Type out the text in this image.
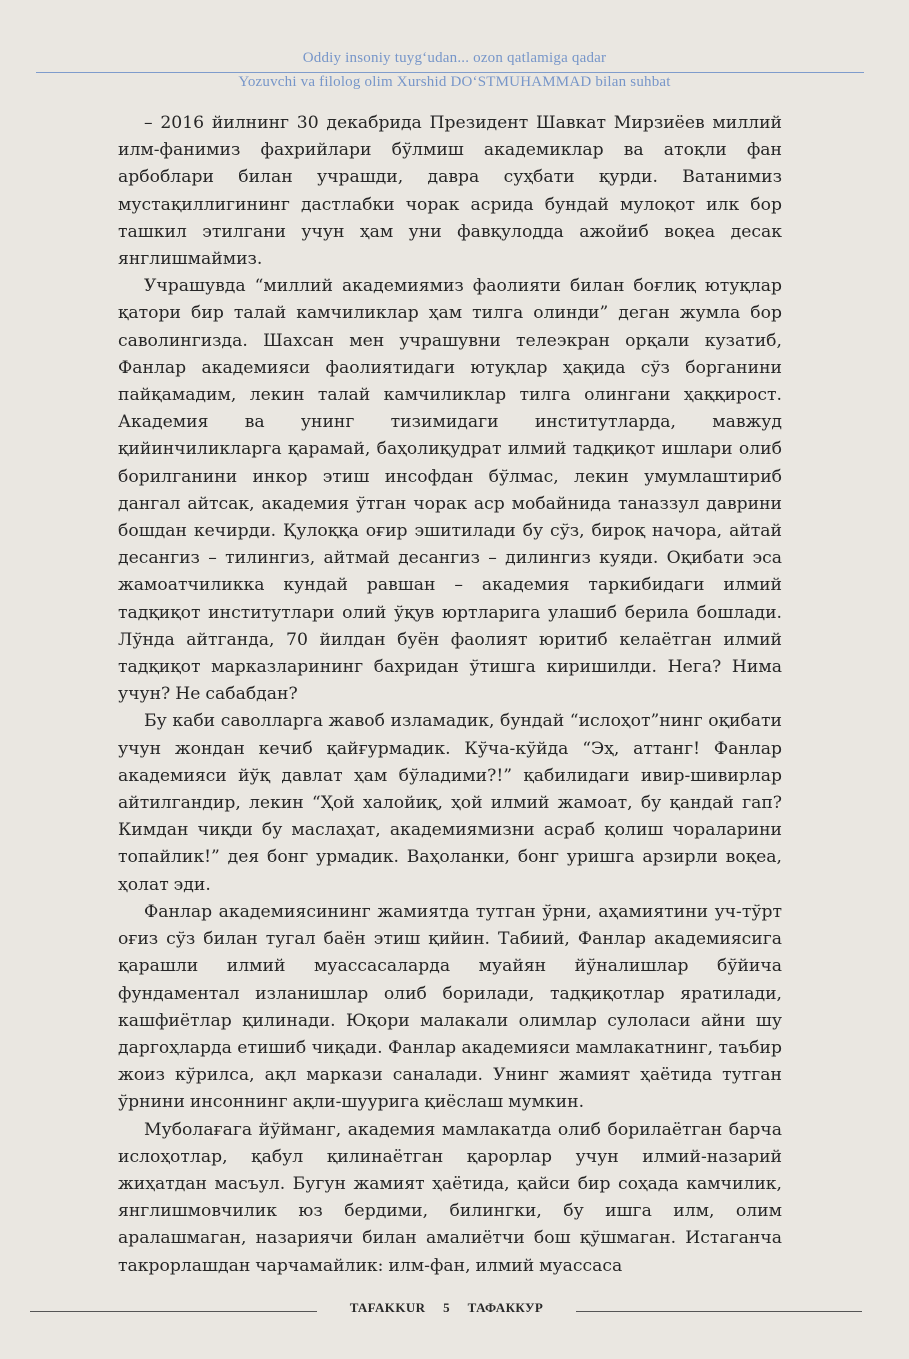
Oddiy insoniy tuyg‘udan... ozon qatlamiga qadar
Yozuvchi va filolog olim Xurshid DO‘STMUHAMMAD bilan suhbat

– 2016 йилнинг 30 декабрида Президент Шавкат Мирзиёев миллий илм-фанимиз фахрийлари бўлмиш академиклар ва атоқли фан арбоблари билан учрашди, давра суҳбати қурди. Ватанимиз мустақиллигининг дастлабки чорак асрида бундай мулоқот илк бор ташкил этилгани учун ҳам уни фавқулодда ажойиб воқеа десак янглишмаймиз.

Учрашувда “миллий академиямиз фаолияти билан боғлиқ ютуқлар қатори бир талай камчиликлар ҳам тилга олинди” деган жумла бор саволингизда. Шахсан мен учрашувни телеэкран орқали кузатиб, Фанлар академияси фаолиятидаги ютуқлар ҳақида сўз борганини пайқамадим, лекин талай камчиликлар тилга олингани ҳаққирост. Академия ва унинг тизимидаги институтларда, мавжуд қийинчиликларга қарамай, баҳолиқудрат илмий тадқиқот ишлари олиб борилганини инкор этиш инсофдан бўлмас, лекин умумлаштириб дангал айтсак, академия ўтган чорак аср мобайнида таназзул даврини бошдан кечирди. Қулоққа оғир эшитилади бу сўз, бироқ начора, айтай десангиз – тилингиз, айтмай десангиз – дилингиз куяди. Оқибати эса жамоатчиликка кундай равшан – академия таркибидаги илмий тадқиқот институтлари олий ўқув юртларига улашиб берила бошлади. Лўнда айтганда, 70 йилдан буён фаолият юритиб келаётган илмий тадқиқот марказларининг бахридан ўтишга киришилди. Нега? Нима учун? Не сабабдан?

Бу каби саволларга жавоб изламадик, бундай “ислоҳот”нинг оқибати учун жондан кечиб қайғурмадик. Кўча-кўйда “Эҳ, аттанг! Фанлар академияси йўқ давлат ҳам бўладими?!” қабилидаги ивир-шивирлар айтилгандир, лекин “Ҳой халойиқ, ҳой илмий жамоат, бу қандай гап? Кимдан чиқди бу маслаҳат, академиямизни асраб қолиш чораларини топайлик!” дея бонг урмадик. Ваҳоланки, бонг уришга арзирли воқеа, ҳолат эди.

Фанлар академиясининг жамиятда тутган ўрни, аҳамиятини уч-тўрт оғиз сўз билан тугал баён этиш қийин. Табиий, Фанлар академиясига қарашли илмий муассасаларда муайян йўналишлар бўйича фундаментал изланишлар олиб борилади, тадқиқотлар яратилади, кашфиётлар қилинади. Юқори малакали олимлар сулоласи айни шу даргоҳларда етишиб чиқади. Фанлар академияси мамлакатнинг, таъбир жоиз кўрилса, ақл маркази саналади. Унинг жамият ҳаётида тутган ўрнини инсоннинг ақли-шуурига қиёслаш мумкин.

Муболағага йўйманг, академия мамлакатда олиб борилаётган барча ислоҳотлар, қабул қилинаётган қарорлар учун илмий-назарий жиҳатдан масъул. Бугун жамият ҳаётида, қайси бир соҳада камчилик, янглишмовчилик юз бердими, билингки, бу ишга илм, олим аралашмаган, назариячи билан амалиётчи бош қўшмаган. Истаганча такрорлашдан чарчамайлик: илм-фан, илмий муассаса

TAFAKKUR 5 ТАФАККУР
